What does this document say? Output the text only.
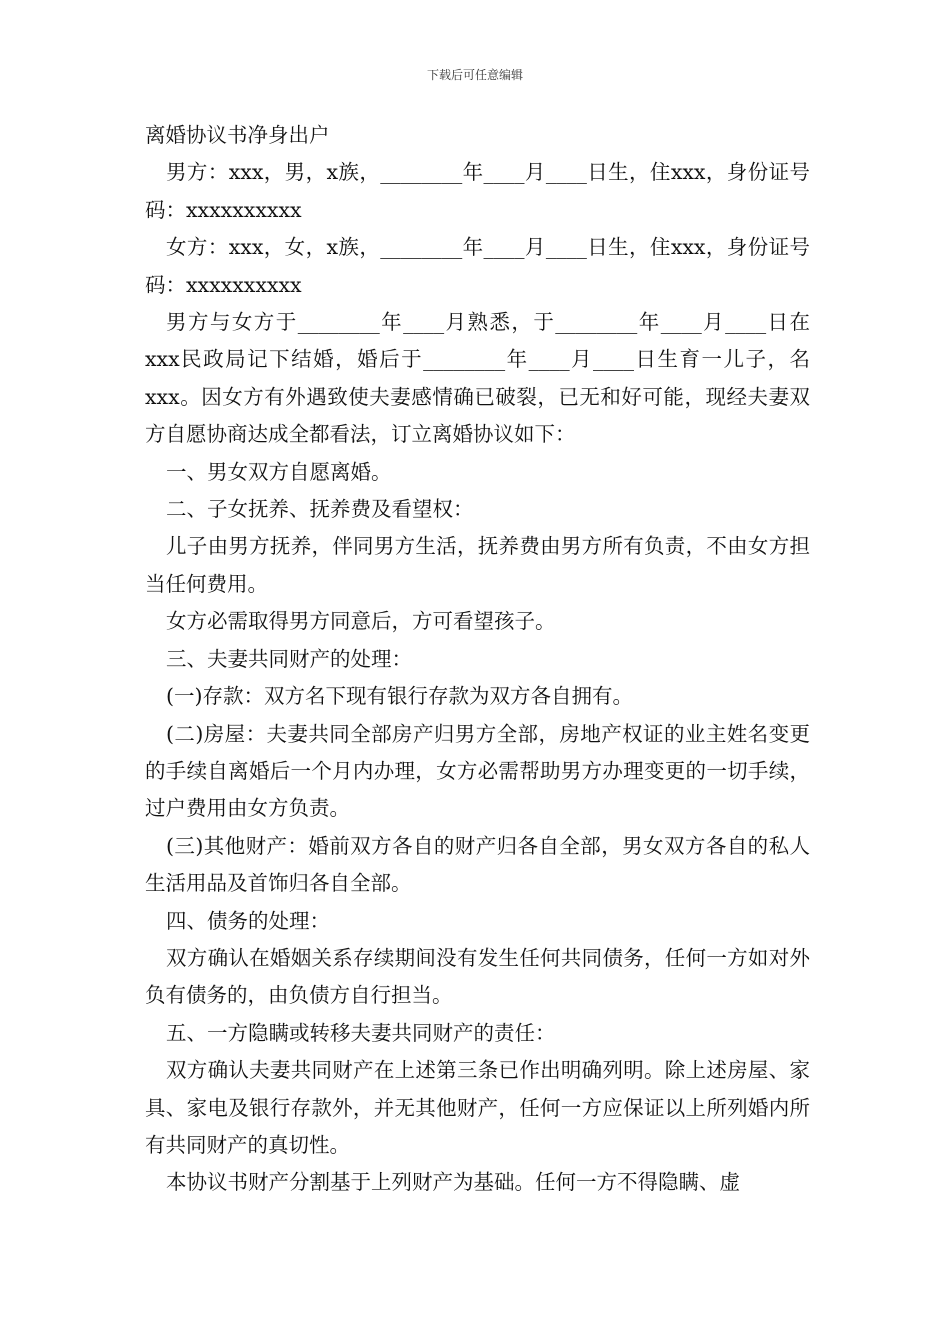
下载后可任意编辑

离婚协议书净身出户

男方：xxx，男，x族，________年____月____日生，住xxx，身份证号码：xxxxxxxxxx

女方：xxx，女，x族，________年____月____日生，住xxx，身份证号码：xxxxxxxxxx

男方与女方于________年____月熟悉，于________年____月____日在xxx民政局记下结婚，婚后于________年____月____日生育一儿子，名xxx。因女方有外遇致使夫妻感情确已破裂，已无和好可能，现经夫妻双方自愿协商达成全都看法，订立离婚协议如下：

一、男女双方自愿离婚。

二、子女抚养、抚养费及看望权：

儿子由男方抚养，伴同男方生活，抚养费由男方所有负责，不由女方担当任何费用。

女方必需取得男方同意后，方可看望孩子。

三、夫妻共同财产的处理：

(一)存款：双方名下现有银行存款为双方各自拥有。

(二)房屋：夫妻共同全部房产归男方全部，房地产权证的业主姓名变更的手续自离婚后一个月内办理，女方必需帮助男方办理变更的一切手续，过户费用由女方负责。

(三)其他财产：婚前双方各自的财产归各自全部，男女双方各自的私人生活用品及首饰归各自全部。

四、债务的处理：

双方确认在婚姻关系存续期间没有发生任何共同债务，任何一方如对外负有债务的，由负债方自行担当。

五、一方隐瞒或转移夫妻共同财产的责任：

双方确认夫妻共同财产在上述第三条已作出明确列明。除上述房屋、家具、家电及银行存款外，并无其他财产，任何一方应保证以上所列婚内所有共同财产的真切性。

本协议书财产分割基于上列财产为基础。任何一方不得隐瞒、虚
